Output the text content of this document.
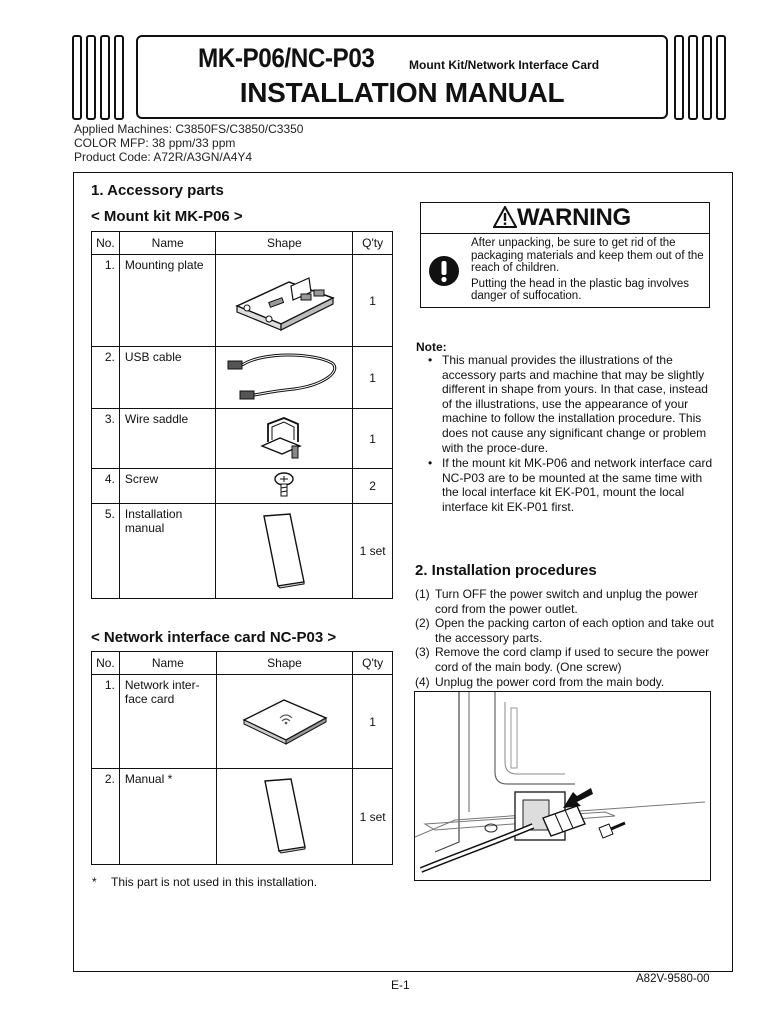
MK-P06/NC-P03	Mount Kit/Network Interface Card
INSTALLATION MANUAL
Applied Machines: C3850FS/C3850/C3350
COLOR MFP: 38 ppm/33 ppm
Product Code: A72R/A3GN/A4Y4
1. Accessory parts
< Mount kit MK-P06 >
No.	Name	Shape	Q'ty
1.	Mounting plate		1
2.	USB cable		1
3.	Wire saddle		1
4.	Screw		2
5.	Installation manual		1 set
< Network interface card NC-P03 >
No.	Name	Shape	Q'ty
1.	Network inter-face card		1
2.	Manual *		1 set
* This part is not used in this installation.
WARNING

After unpacking, be sure to get rid of the packaging materials and keep them out of the reach of children.

Putting the head in the plastic bag involves danger of suffocation.

Note:
• This manual provides the illustrations of the accessory parts and machine that may be slightly different in shape from yours. In that case, instead of the illustrations, use the appearance of your machine to follow the installation procedure. This does not cause any significant change or problem with the proce-dure.
• If the mount kit MK-P06 and network interface card NC-P03 are to be mounted at the same time with the local interface kit EK-P01, mount the local interface kit EK-P01 first.
2. Installation procedures
(1) Turn OFF the power switch and unplug the power cord from the power outlet.
(2) Open the packing carton of each option and take out the accessory parts.
(3) Remove the cord clamp if used to secure the power cord of the main body. (One screw)
(4) Unplug the power cord from the main body.
A82V-9580-00
E-1
